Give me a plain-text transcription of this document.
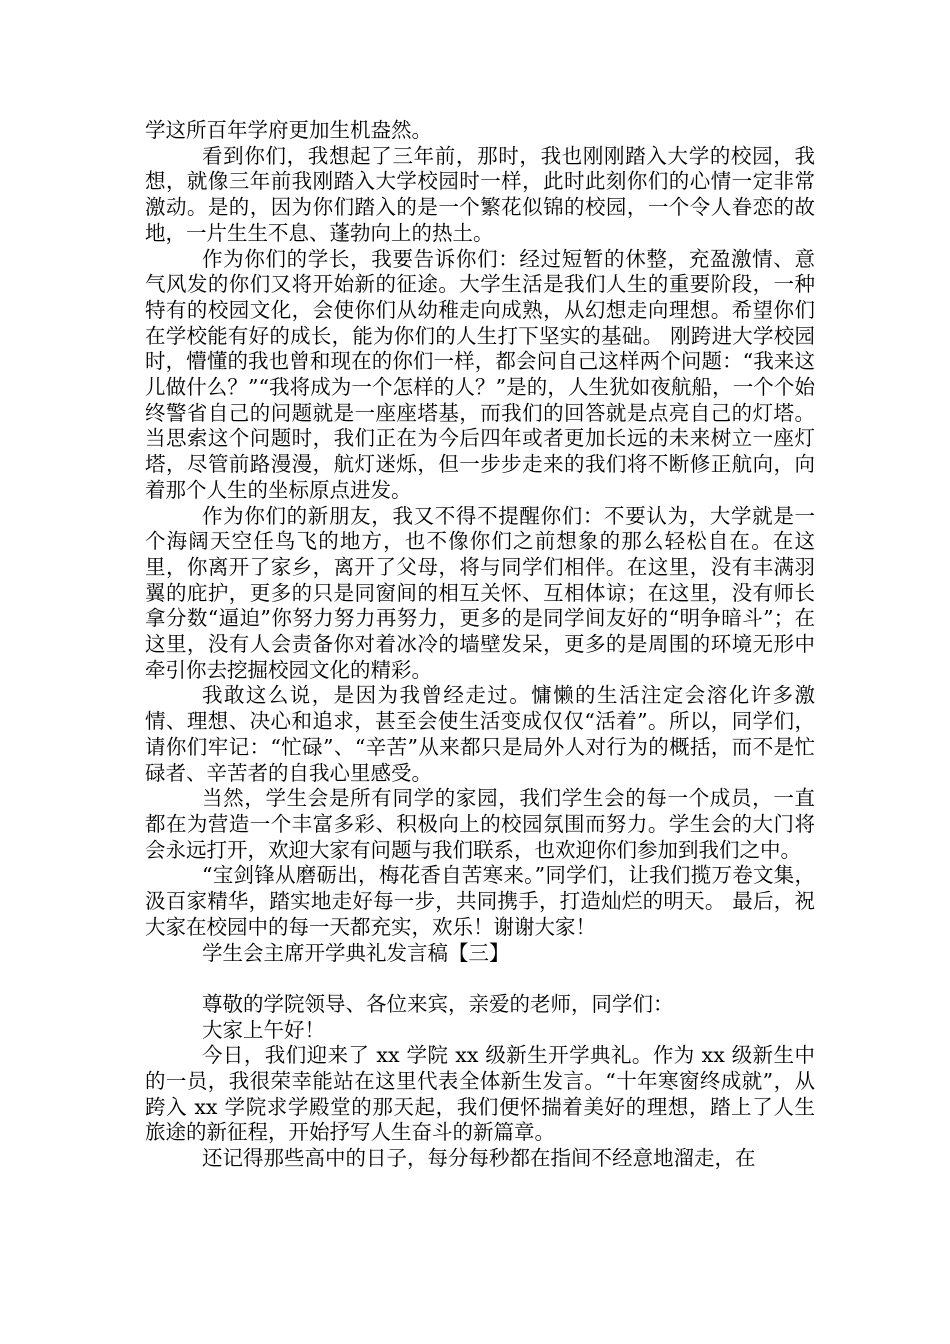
学这所百年学府更加生机盎然。

看到你们，我想起了三年前，那时，我也刚刚踏入大学的校园，我想，就像三年前我刚踏入大学校园时一样，此时此刻你们的心情一定非常激动。是的，因为你们踏入的是一个繁花似锦的校园，一个令人眷恋的故地，一片生生不息、蓬勃向上的热土。

作为你们的学长，我要告诉你们：经过短暂的休整，充盈激情、意气风发的你们又将开始新的征途。大学生活是我们人生的重要阶段，一种特有的校园文化，会使你们从幼稚走向成熟，从幻想走向理想。希望你们在学校能有好的成长，能为你们的人生打下坚实的基础。 刚跨进大学校园时，懵懂的我也曾和现在的你们一样，都会问自己这样两个问题：“我来这儿做什么？”“我将成为一个怎样的人？”是的，人生犹如夜航船，一个个始终警省自己的问题就是一座座塔基，而我们的回答就是点亮自己的灯塔。当思索这个问题时，我们正在为今后四年或者更加长远的未来树立一座灯塔，尽管前路漫漫，航灯迷烁，但一步步走来的我们将不断修正航向，向着那个人生的坐标原点进发。

作为你们的新朋友，我又不得不提醒你们：不要认为，大学就是一个海阔天空任鸟飞的地方，也不像你们之前想象的那么轻松自在。在这里，你离开了家乡，离开了父母，将与同学们相伴。在这里，没有丰满羽翼的庇护，更多的只是同窗间的相互关怀、互相体谅；在这里，没有师长拿分数“逼迫”你努力努力再努力，更多的是同学间友好的“明争暗斗”；在这里，没有人会责备你对着冰冷的墙壁发呆，更多的是周围的环境无形中牵引你去挖掘校园文化的精彩。

我敢这么说，是因为我曾经走过。慵懒的生活注定会溶化许多激情、理想、决心和追求，甚至会使生活变成仅仅“活着”。所以，同学们，请你们牢记：“忙碌”、“辛苦”从来都只是局外人对行为的概括，而不是忙碌者、辛苦者的自我心里感受。

当然，学生会是所有同学的家园，我们学生会的每一个成员，一直都在为营造一个丰富多彩、积极向上的校园氛围而努力。学生会的大门将会永远打开，欢迎大家有问题与我们联系，也欢迎你们参加到我们之中。

“宝剑锋从磨砺出，梅花香自苦寒来。”同学们，让我们揽万卷文集，汲百家精华，踏实地走好每一步，共同携手，打造灿烂的明天。 最后，祝大家在校园中的每一天都充实，欢乐！谢谢大家！

学生会主席开学典礼发言稿【三】

尊敬的学院领导、各位来宾，亲爱的老师，同学们：

大家上午好！

今日，我们迎来了 xx 学院 xx 级新生开学典礼。作为 xx 级新生中的一员，我很荣幸能站在这里代表全体新生发言。“十年寒窗终成就”，从跨入 xx 学院求学殿堂的那天起，我们便怀揣着美好的理想，踏上了人生旅途的新征程，开始抒写人生奋斗的新篇章。

还记得那些高中的日子，每分每秒都在指间不经意地溜走，在
